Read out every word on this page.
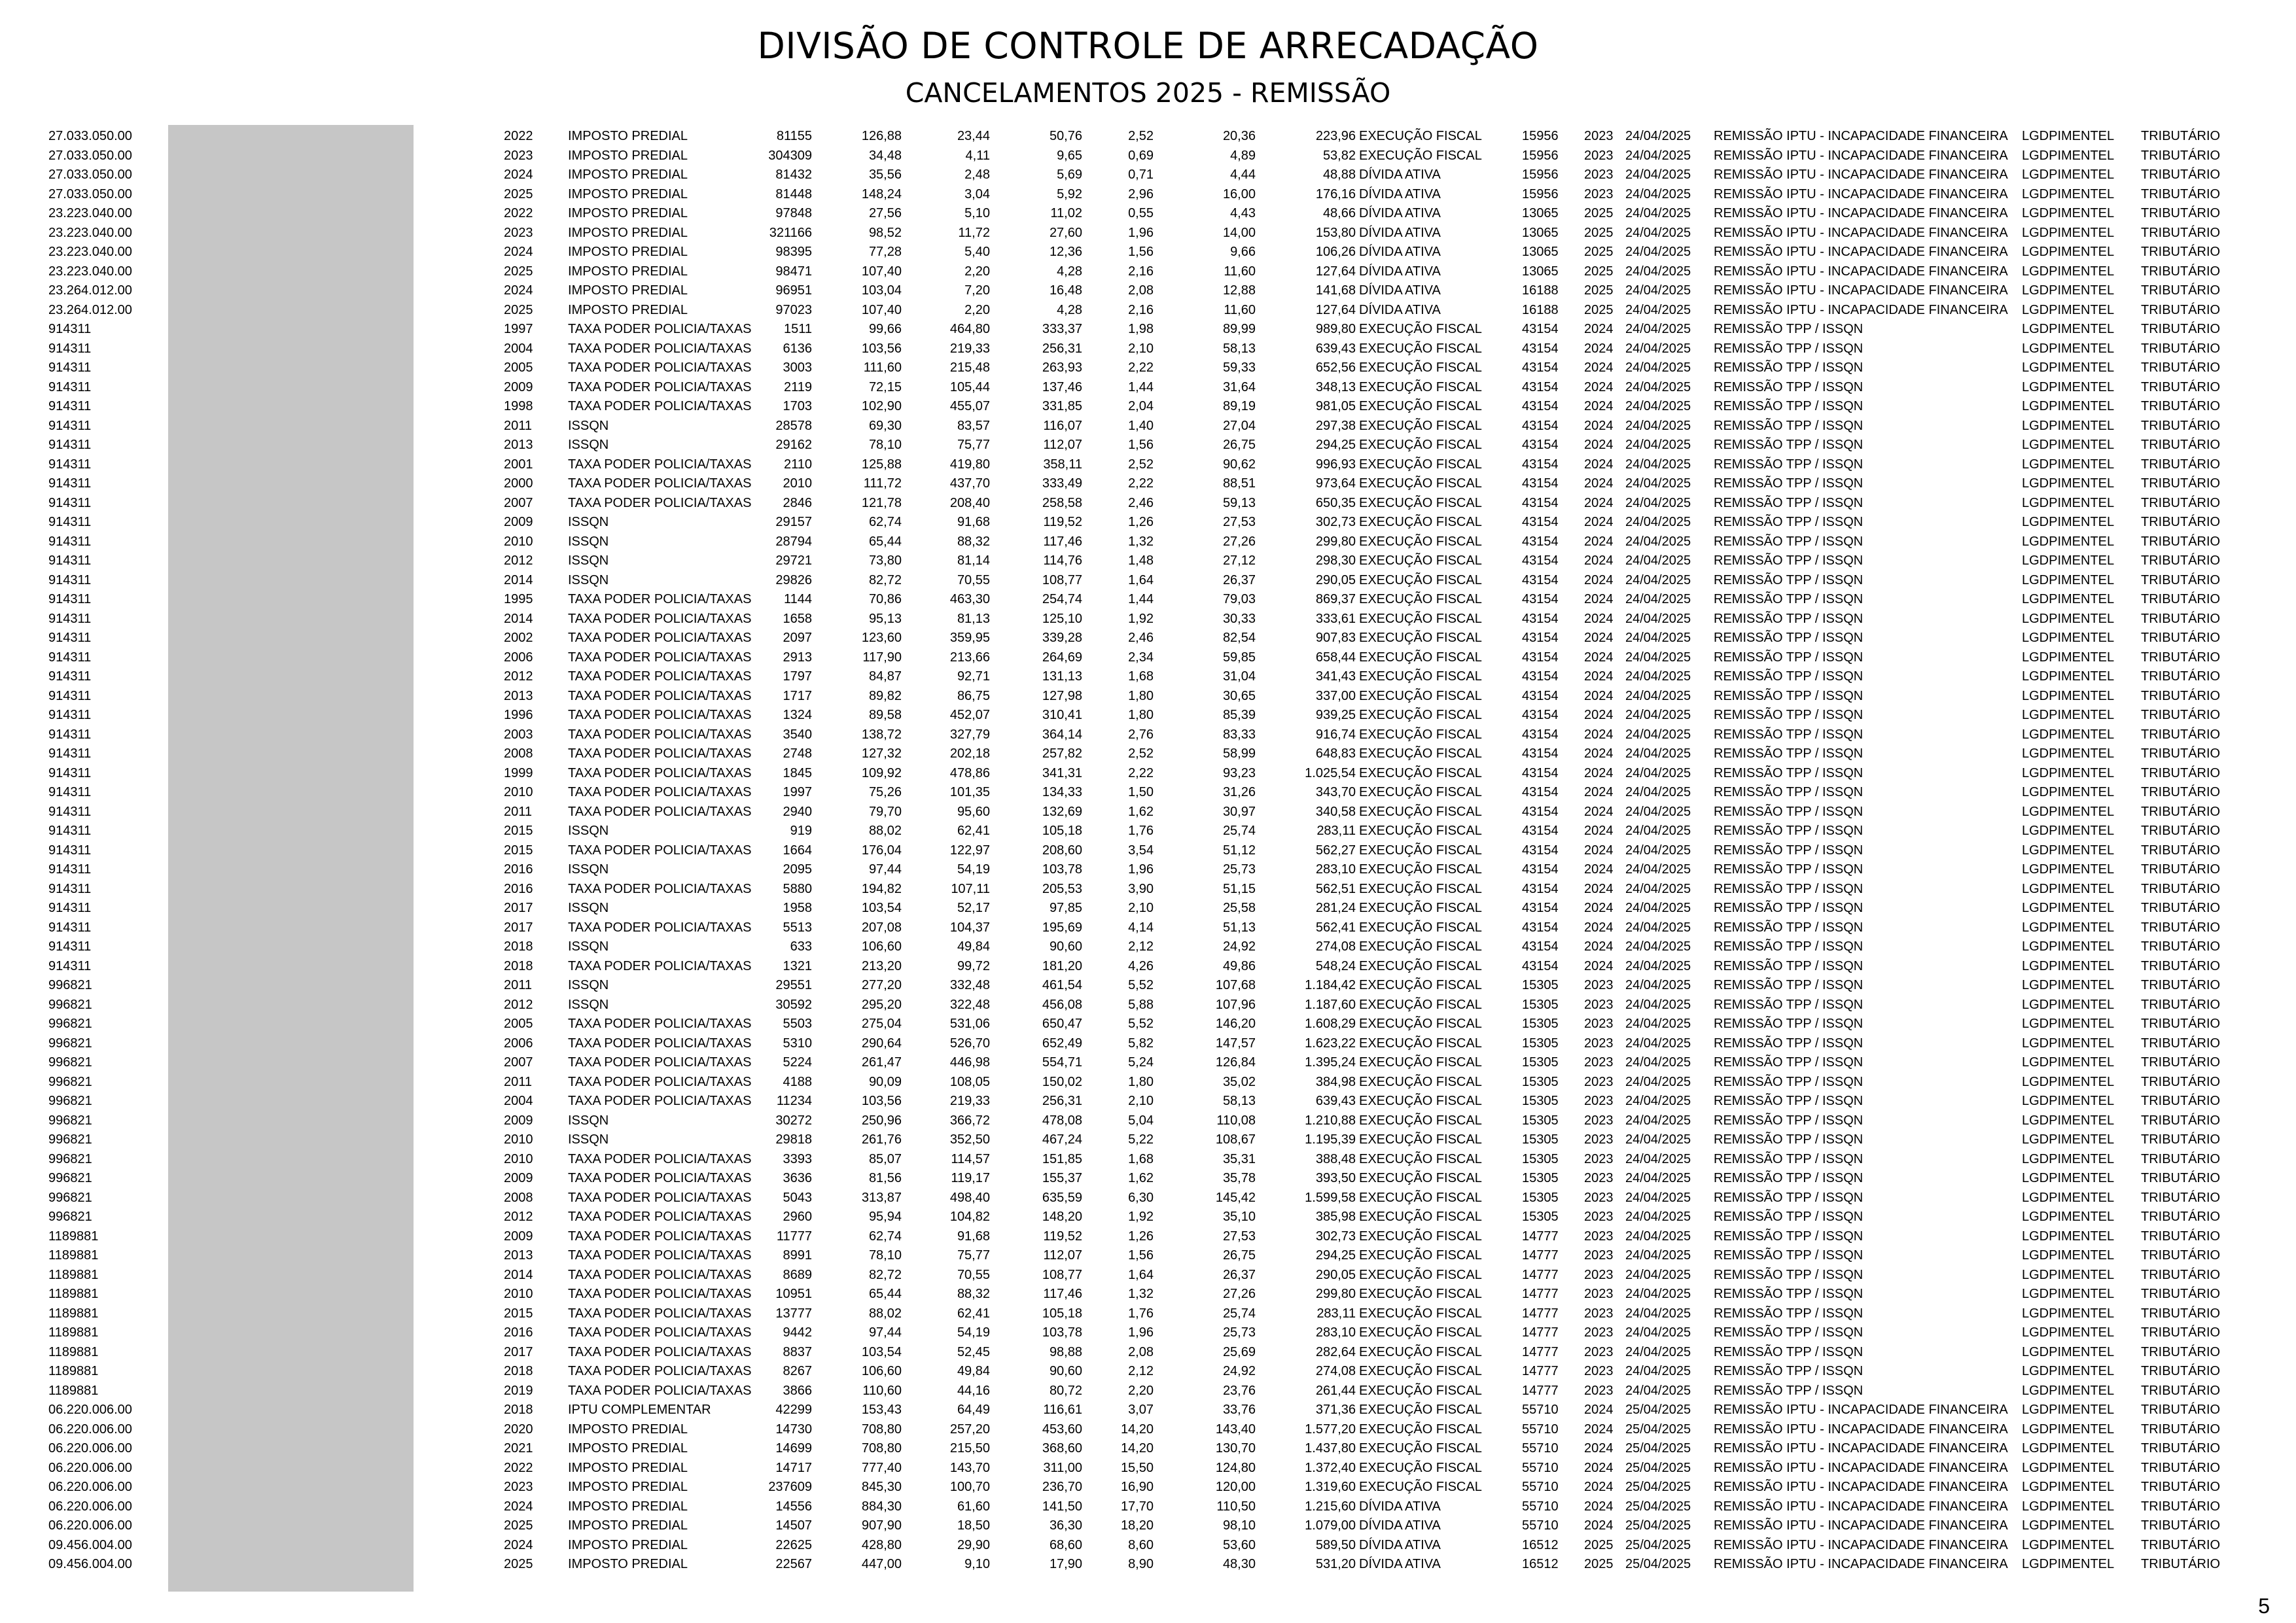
DIVISÃO DE CONTROLE DE ARRECADAÇÃO
CANCELAMENTOS 2025 - REMISSÃO
27.033.050.00	2022	IMPOSTO PREDIAL	81155	126,88	23,44	50,76	2,52	20,36	223,96 EXECUÇÃO FISCAL	15956 2023 24/04/2025 REMISSÃO IPTU - INCAPACIDADE FINANCEIRA LGDPIMENTEL TRIBUTÁRIO
27.033.050.00	2023	IMPOSTO PREDIAL	304309	34,48	4,11	9,65	0,69	4,89	53,82 EXECUÇÃO FISCAL	15956 2023 24/04/2025 REMISSÃO IPTU - INCAPACIDADE FINANCEIRA LGDPIMENTEL TRIBUTÁRIO
27.033.050.00	2024	IMPOSTO PREDIAL	81432	35,56	2,48	5,69	0,71	4,44	48,88 DÍVIDA ATIVA	15956 2023 24/04/2025 REMISSÃO IPTU - INCAPACIDADE FINANCEIRA LGDPIMENTEL TRIBUTÁRIO
27.033.050.00	2025	IMPOSTO PREDIAL	81448	148,24	3,04	5,92	2,96	16,00	176,16 DÍVIDA ATIVA	15956 2023 24/04/2025 REMISSÃO IPTU - INCAPACIDADE FINANCEIRA LGDPIMENTEL TRIBUTÁRIO
23.223.040.00	2022	IMPOSTO PREDIAL	97848	27,56	5,10	11,02	0,55	4,43	48,66 DÍVIDA ATIVA	13065 2025 24/04/2025 REMISSÃO IPTU - INCAPACIDADE FINANCEIRA LGDPIMENTEL TRIBUTÁRIO
23.223.040.00	2023	IMPOSTO PREDIAL	321166	98,52	11,72	27,60	1,96	14,00	153,80 DÍVIDA ATIVA	13065 2025 24/04/2025 REMISSÃO IPTU - INCAPACIDADE FINANCEIRA LGDPIMENTEL TRIBUTÁRIO
23.223.040.00	2024	IMPOSTO PREDIAL	98395	77,28	5,40	12,36	1,56	9,66	106,26 DÍVIDA ATIVA	13065 2025 24/04/2025 REMISSÃO IPTU - INCAPACIDADE FINANCEIRA LGDPIMENTEL TRIBUTÁRIO
23.223.040.00	2025	IMPOSTO PREDIAL	98471	107,40	2,20	4,28	2,16	11,60	127,64 DÍVIDA ATIVA	13065 2025 24/04/2025 REMISSÃO IPTU - INCAPACIDADE FINANCEIRA LGDPIMENTEL TRIBUTÁRIO
23.264.012.00	2024	IMPOSTO PREDIAL	96951	103,04	7,20	16,48	2,08	12,88	141,68 DÍVIDA ATIVA	16188 2025 24/04/2025 REMISSÃO IPTU - INCAPACIDADE FINANCEIRA LGDPIMENTEL TRIBUTÁRIO
23.264.012.00	2025	IMPOSTO PREDIAL	97023	107,40	2,20	4,28	2,16	11,60	127,64 DÍVIDA ATIVA	16188 2025 24/04/2025 REMISSÃO IPTU - INCAPACIDADE FINANCEIRA LGDPIMENTEL TRIBUTÁRIO
914311	1997	TAXA PODER POLICIA/TAXAS 1511	99,66	464,80	333,37	1,98	89,99	989,80 EXECUÇÃO FISCAL	43154 2024 24/04/2025 REMISSÃO TPP / ISSQN	LGDPIMENTEL TRIBUTÁRIO
914311	2004	TAXA PODER POLICIA/TAXAS 6136	103,56	219,33	256,31	2,10	58,13	639,43 EXECUÇÃO FISCAL	43154 2024 24/04/2025 REMISSÃO TPP / ISSQN	LGDPIMENTEL TRIBUTÁRIO
914311	2005	TAXA PODER POLICIA/TAXAS 3003	111,60	215,48	263,93	2,22	59,33	652,56 EXECUÇÃO FISCAL	43154 2024 24/04/2025 REMISSÃO TPP / ISSQN	LGDPIMENTEL TRIBUTÁRIO
914311	2009	TAXA PODER POLICIA/TAXAS 2119	72,15	105,44	137,46	1,44	31,64	348,13 EXECUÇÃO FISCAL	43154 2024 24/04/2025 REMISSÃO TPP / ISSQN	LGDPIMENTEL TRIBUTÁRIO
914311	1998	TAXA PODER POLICIA/TAXAS 1703	102,90	455,07	331,85	2,04	89,19	981,05 EXECUÇÃO FISCAL	43154 2024 24/04/2025 REMISSÃO TPP / ISSQN	LGDPIMENTEL TRIBUTÁRIO
914311	2011	ISSQN	28578	69,30	83,57	116,07	1,40	27,04	297,38 EXECUÇÃO FISCAL	43154 2024 24/04/2025 REMISSÃO TPP / ISSQN	LGDPIMENTEL TRIBUTÁRIO
914311	2013	ISSQN	29162	78,10	75,77	112,07	1,56	26,75	294,25 EXECUÇÃO FISCAL	43154 2024 24/04/2025 REMISSÃO TPP / ISSQN	LGDPIMENTEL TRIBUTÁRIO
914311	2001	TAXA PODER POLICIA/TAXAS 2110	125,88	419,80	358,11	2,52	90,62	996,93 EXECUÇÃO FISCAL	43154 2024 24/04/2025 REMISSÃO TPP / ISSQN	LGDPIMENTEL TRIBUTÁRIO
914311	2000	TAXA PODER POLICIA/TAXAS 2010	111,72	437,70	333,49	2,22	88,51	973,64 EXECUÇÃO FISCAL	43154 2024 24/04/2025 REMISSÃO TPP / ISSQN	LGDPIMENTEL TRIBUTÁRIO
914311	2007	TAXA PODER POLICIA/TAXAS 2846	121,78	208,40	258,58	2,46	59,13	650,35 EXECUÇÃO FISCAL	43154 2024 24/04/2025 REMISSÃO TPP / ISSQN	LGDPIMENTEL TRIBUTÁRIO
914311	2009	ISSQN	29157	62,74	91,68	119,52	1,26	27,53	302,73 EXECUÇÃO FISCAL	43154 2024 24/04/2025 REMISSÃO TPP / ISSQN	LGDPIMENTEL TRIBUTÁRIO
914311	2010	ISSQN	28794	65,44	88,32	117,46	1,32	27,26	299,80 EXECUÇÃO FISCAL	43154 2024 24/04/2025 REMISSÃO TPP / ISSQN	LGDPIMENTEL TRIBUTÁRIO
914311	2012	ISSQN	29721	73,80	81,14	114,76	1,48	27,12	298,30 EXECUÇÃO FISCAL	43154 2024 24/04/2025 REMISSÃO TPP / ISSQN	LGDPIMENTEL TRIBUTÁRIO
914311	2014	ISSQN	29826	82,72	70,55	108,77	1,64	26,37	290,05 EXECUÇÃO FISCAL	43154 2024 24/04/2025 REMISSÃO TPP / ISSQN	LGDPIMENTEL TRIBUTÁRIO
914311	1995	TAXA PODER POLICIA/TAXAS 1144	70,86	463,30	254,74	1,44	79,03	869,37 EXECUÇÃO FISCAL	43154 2024 24/04/2025 REMISSÃO TPP / ISSQN	LGDPIMENTEL TRIBUTÁRIO
914311	2014	TAXA PODER POLICIA/TAXAS 1658	95,13	81,13	125,10	1,92	30,33	333,61 EXECUÇÃO FISCAL	43154 2024 24/04/2025 REMISSÃO TPP / ISSQN	LGDPIMENTEL TRIBUTÁRIO
914311	2002	TAXA PODER POLICIA/TAXAS 2097	123,60	359,95	339,28	2,46	82,54	907,83 EXECUÇÃO FISCAL	43154 2024 24/04/2025 REMISSÃO TPP / ISSQN	LGDPIMENTEL TRIBUTÁRIO
914311	2006	TAXA PODER POLICIA/TAXAS 2913	117,90	213,66	264,69	2,34	59,85	658,44 EXECUÇÃO FISCAL	43154 2024 24/04/2025 REMISSÃO TPP / ISSQN	LGDPIMENTEL TRIBUTÁRIO
914311	2012	TAXA PODER POLICIA/TAXAS 1797	84,87	92,71	131,13	1,68	31,04	341,43 EXECUÇÃO FISCAL	43154 2024 24/04/2025 REMISSÃO TPP / ISSQN	LGDPIMENTEL TRIBUTÁRIO
914311	2013	TAXA PODER POLICIA/TAXAS 1717	89,82	86,75	127,98	1,80	30,65	337,00 EXECUÇÃO FISCAL	43154 2024 24/04/2025 REMISSÃO TPP / ISSQN	LGDPIMENTEL TRIBUTÁRIO
914311	1996	TAXA PODER POLICIA/TAXAS 1324	89,58	452,07	310,41	1,80	85,39	939,25 EXECUÇÃO FISCAL	43154 2024 24/04/2025 REMISSÃO TPP / ISSQN	LGDPIMENTEL TRIBUTÁRIO
914311	2003	TAXA PODER POLICIA/TAXAS 3540	138,72	327,79	364,14	2,76	83,33	916,74 EXECUÇÃO FISCAL	43154 2024 24/04/2025 REMISSÃO TPP / ISSQN	LGDPIMENTEL TRIBUTÁRIO
914311	2008	TAXA PODER POLICIA/TAXAS 2748	127,32	202,18	257,82	2,52	58,99	648,83 EXECUÇÃO FISCAL	43154 2024 24/04/2025 REMISSÃO TPP / ISSQN	LGDPIMENTEL TRIBUTÁRIO
914311	1999	TAXA PODER POLICIA/TAXAS 1845	109,92	478,86	341,31	2,22	93,23	1.025,54 EXECUÇÃO FISCAL	43154 2024 24/04/2025 REMISSÃO TPP / ISSQN	LGDPIMENTEL TRIBUTÁRIO
914311	2010	TAXA PODER POLICIA/TAXAS 1997	75,26	101,35	134,33	1,50	31,26	343,70 EXECUÇÃO FISCAL	43154 2024 24/04/2025 REMISSÃO TPP / ISSQN	LGDPIMENTEL TRIBUTÁRIO
914311	2011	TAXA PODER POLICIA/TAXAS 2940	79,70	95,60	132,69	1,62	30,97	340,58 EXECUÇÃO FISCAL	43154 2024 24/04/2025 REMISSÃO TPP / ISSQN	LGDPIMENTEL TRIBUTÁRIO
914311	2015	ISSQN	919	88,02	62,41	105,18	1,76	25,74	283,11 EXECUÇÃO FISCAL	43154 2024 24/04/2025 REMISSÃO TPP / ISSQN	LGDPIMENTEL TRIBUTÁRIO
914311	2015	TAXA PODER POLICIA/TAXAS 1664	176,04	122,97	208,60	3,54	51,12	562,27 EXECUÇÃO FISCAL	43154 2024 24/04/2025 REMISSÃO TPP / ISSQN	LGDPIMENTEL TRIBUTÁRIO
914311	2016	ISSQN	2095	97,44	54,19	103,78	1,96	25,73	283,10 EXECUÇÃO FISCAL	43154 2024 24/04/2025 REMISSÃO TPP / ISSQN	LGDPIMENTEL TRIBUTÁRIO
914311	2016	TAXA PODER POLICIA/TAXAS 5880	194,82	107,11	205,53	3,90	51,15	562,51 EXECUÇÃO FISCAL	43154 2024 24/04/2025 REMISSÃO TPP / ISSQN	LGDPIMENTEL TRIBUTÁRIO
914311	2017	ISSQN	1958	103,54	52,17	97,85	2,10	25,58	281,24 EXECUÇÃO FISCAL	43154 2024 24/04/2025 REMISSÃO TPP / ISSQN	LGDPIMENTEL TRIBUTÁRIO
914311	2017	TAXA PODER POLICIA/TAXAS 5513	207,08	104,37	195,69	4,14	51,13	562,41 EXECUÇÃO FISCAL	43154 2024 24/04/2025 REMISSÃO TPP / ISSQN	LGDPIMENTEL TRIBUTÁRIO
914311	2018	ISSQN	633	106,60	49,84	90,60	2,12	24,92	274,08 EXECUÇÃO FISCAL	43154 2024 24/04/2025 REMISSÃO TPP / ISSQN	LGDPIMENTEL TRIBUTÁRIO
914311	2018	TAXA PODER POLICIA/TAXAS 1321	213,20	99,72	181,20	4,26	49,86	548,24 EXECUÇÃO FISCAL	43154 2024 24/04/2025 REMISSÃO TPP / ISSQN	LGDPIMENTEL TRIBUTÁRIO
996821	2011	ISSQN	29551	277,20	332,48	461,54	5,52	107,68	1.184,42 EXECUÇÃO FISCAL	15305 2023 24/04/2025 REMISSÃO TPP / ISSQN	LGDPIMENTEL TRIBUTÁRIO
996821	2012	ISSQN	30592	295,20	322,48	456,08	5,88	107,96	1.187,60 EXECUÇÃO FISCAL	15305 2023 24/04/2025 REMISSÃO TPP / ISSQN	LGDPIMENTEL TRIBUTÁRIO
996821	2005	TAXA PODER POLICIA/TAXAS 5503	275,04	531,06	650,47	5,52	146,20	1.608,29 EXECUÇÃO FISCAL	15305 2023 24/04/2025 REMISSÃO TPP / ISSQN	LGDPIMENTEL TRIBUTÁRIO
996821	2006	TAXA PODER POLICIA/TAXAS 5310	290,64	526,70	652,49	5,82	147,57	1.623,22 EXECUÇÃO FISCAL	15305 2023 24/04/2025 REMISSÃO TPP / ISSQN	LGDPIMENTEL TRIBUTÁRIO
996821	2007	TAXA PODER POLICIA/TAXAS 5224	261,47	446,98	554,71	5,24	126,84	1.395,24 EXECUÇÃO FISCAL	15305 2023 24/04/2025 REMISSÃO TPP / ISSQN	LGDPIMENTEL TRIBUTÁRIO
996821	2011	TAXA PODER POLICIA/TAXAS 4188	90,09	108,05	150,02	1,80	35,02	384,98 EXECUÇÃO FISCAL	15305 2023 24/04/2025 REMISSÃO TPP / ISSQN	LGDPIMENTEL TRIBUTÁRIO
996821	2004	TAXA PODER POLICIA/TAXAS 11234	103,56	219,33	256,31	2,10	58,13	639,43 EXECUÇÃO FISCAL	15305 2023 24/04/2025 REMISSÃO TPP / ISSQN	LGDPIMENTEL TRIBUTÁRIO
996821	2009	ISSQN	30272	250,96	366,72	478,08	5,04	110,08	1.210,88 EXECUÇÃO FISCAL	15305 2023 24/04/2025 REMISSÃO TPP / ISSQN	LGDPIMENTEL TRIBUTÁRIO
996821	2010	ISSQN	29818	261,76	352,50	467,24	5,22	108,67	1.195,39 EXECUÇÃO FISCAL	15305 2023 24/04/2025 REMISSÃO TPP / ISSQN	LGDPIMENTEL TRIBUTÁRIO
996821	2010	TAXA PODER POLICIA/TAXAS 3393	85,07	114,57	151,85	1,68	35,31	388,48 EXECUÇÃO FISCAL	15305 2023 24/04/2025 REMISSÃO TPP / ISSQN	LGDPIMENTEL TRIBUTÁRIO
996821	2009	TAXA PODER POLICIA/TAXAS 3636	81,56	119,17	155,37	1,62	35,78	393,50 EXECUÇÃO FISCAL	15305 2023 24/04/2025 REMISSÃO TPP / ISSQN	LGDPIMENTEL TRIBUTÁRIO
996821	2008	TAXA PODER POLICIA/TAXAS 5043	313,87	498,40	635,59	6,30	145,42	1.599,58 EXECUÇÃO FISCAL	15305 2023 24/04/2025 REMISSÃO TPP / ISSQN	LGDPIMENTEL TRIBUTÁRIO
996821	2012	TAXA PODER POLICIA/TAXAS 2960	95,94	104,82	148,20	1,92	35,10	385,98 EXECUÇÃO FISCAL	15305 2023 24/04/2025 REMISSÃO TPP / ISSQN	LGDPIMENTEL TRIBUTÁRIO
1189881	2009	TAXA PODER POLICIA/TAXAS 11777	62,74	91,68	119,52	1,26	27,53	302,73 EXECUÇÃO FISCAL	14777 2023 24/04/2025 REMISSÃO TPP / ISSQN	LGDPIMENTEL TRIBUTÁRIO
1189881	2013	TAXA PODER POLICIA/TAXAS 8991	78,10	75,77	112,07	1,56	26,75	294,25 EXECUÇÃO FISCAL	14777 2023 24/04/2025 REMISSÃO TPP / ISSQN	LGDPIMENTEL TRIBUTÁRIO
1189881	2014	TAXA PODER POLICIA/TAXAS 8689	82,72	70,55	108,77	1,64	26,37	290,05 EXECUÇÃO FISCAL	14777 2023 24/04/2025 REMISSÃO TPP / ISSQN	LGDPIMENTEL TRIBUTÁRIO
1189881	2010	TAXA PODER POLICIA/TAXAS 10951	65,44	88,32	117,46	1,32	27,26	299,80 EXECUÇÃO FISCAL	14777 2023 24/04/2025 REMISSÃO TPP / ISSQN	LGDPIMENTEL TRIBUTÁRIO
1189881	2015	TAXA PODER POLICIA/TAXAS 13777	88,02	62,41	105,18	1,76	25,74	283,11 EXECUÇÃO FISCAL	14777 2023 24/04/2025 REMISSÃO TPP / ISSQN	LGDPIMENTEL TRIBUTÁRIO
1189881	2016	TAXA PODER POLICIA/TAXAS 9442	97,44	54,19	103,78	1,96	25,73	283,10 EXECUÇÃO FISCAL	14777 2023 24/04/2025 REMISSÃO TPP / ISSQN	LGDPIMENTEL TRIBUTÁRIO
1189881	2017	TAXA PODER POLICIA/TAXAS 8837	103,54	52,45	98,88	2,08	25,69	282,64 EXECUÇÃO FISCAL	14777 2023 24/04/2025 REMISSÃO TPP / ISSQN	LGDPIMENTEL TRIBUTÁRIO
1189881	2018	TAXA PODER POLICIA/TAXAS 8267	106,60	49,84	90,60	2,12	24,92	274,08 EXECUÇÃO FISCAL	14777 2023 24/04/2025 REMISSÃO TPP / ISSQN	LGDPIMENTEL TRIBUTÁRIO
1189881	2019	TAXA PODER POLICIA/TAXAS 3866	110,60	44,16	80,72	2,20	23,76	261,44 EXECUÇÃO FISCAL	14777 2023 24/04/2025 REMISSÃO TPP / ISSQN	LGDPIMENTEL TRIBUTÁRIO
06.220.006.00	2018	IPTU COMPLEMENTAR	42299	153,43	64,49	116,61	3,07	33,76	371,36 EXECUÇÃO FISCAL	55710 2024 25/04/2025 REMISSÃO IPTU - INCAPACIDADE FINANCEIRA LGDPIMENTEL TRIBUTÁRIO
06.220.006.00	2020	IMPOSTO PREDIAL	14730	708,80	257,20	453,60	14,20	143,40	1.577,20 EXECUÇÃO FISCAL	55710 2024 25/04/2025 REMISSÃO IPTU - INCAPACIDADE FINANCEIRA LGDPIMENTEL TRIBUTÁRIO
06.220.006.00	2021	IMPOSTO PREDIAL	14699	708,80	215,50	368,60	14,20	130,70	1.437,80 EXECUÇÃO FISCAL	55710 2024 25/04/2025 REMISSÃO IPTU - INCAPACIDADE FINANCEIRA LGDPIMENTEL TRIBUTÁRIO
06.220.006.00	2022	IMPOSTO PREDIAL	14717	777,40	143,70	311,00	15,50	124,80	1.372,40 EXECUÇÃO FISCAL	55710 2024 25/04/2025 REMISSÃO IPTU - INCAPACIDADE FINANCEIRA LGDPIMENTEL TRIBUTÁRIO
06.220.006.00	2023	IMPOSTO PREDIAL	237609	845,30	100,70	236,70	16,90	120,00	1.319,60 EXECUÇÃO FISCAL	55710 2024 25/04/2025 REMISSÃO IPTU - INCAPACIDADE FINANCEIRA LGDPIMENTEL TRIBUTÁRIO
06.220.006.00	2024	IMPOSTO PREDIAL	14556	884,30	61,60	141,50	17,70	110,50	1.215,60 DÍVIDA ATIVA	55710 2024 25/04/2025 REMISSÃO IPTU - INCAPACIDADE FINANCEIRA LGDPIMENTEL TRIBUTÁRIO
06.220.006.00	2025	IMPOSTO PREDIAL	14507	907,90	18,50	36,30	18,20	98,10	1.079,00 DÍVIDA ATIVA	55710 2024 25/04/2025 REMISSÃO IPTU - INCAPACIDADE FINANCEIRA LGDPIMENTEL TRIBUTÁRIO
09.456.004.00	2024	IMPOSTO PREDIAL	22625	428,80	29,90	68,60	8,60	53,60	589,50 DÍVIDA ATIVA	16512 2025 25/04/2025 REMISSÃO IPTU - INCAPACIDADE FINANCEIRA LGDPIMENTEL TRIBUTÁRIO
09.456.004.00	2025	IMPOSTO PREDIAL	22567	447,00	9,10	17,90	8,90	48,30	531,20 DÍVIDA ATIVA	16512 2025 25/04/2025 REMISSÃO IPTU - INCAPACIDADE FINANCEIRA LGDPIMENTEL TRIBUTÁRIO
5
